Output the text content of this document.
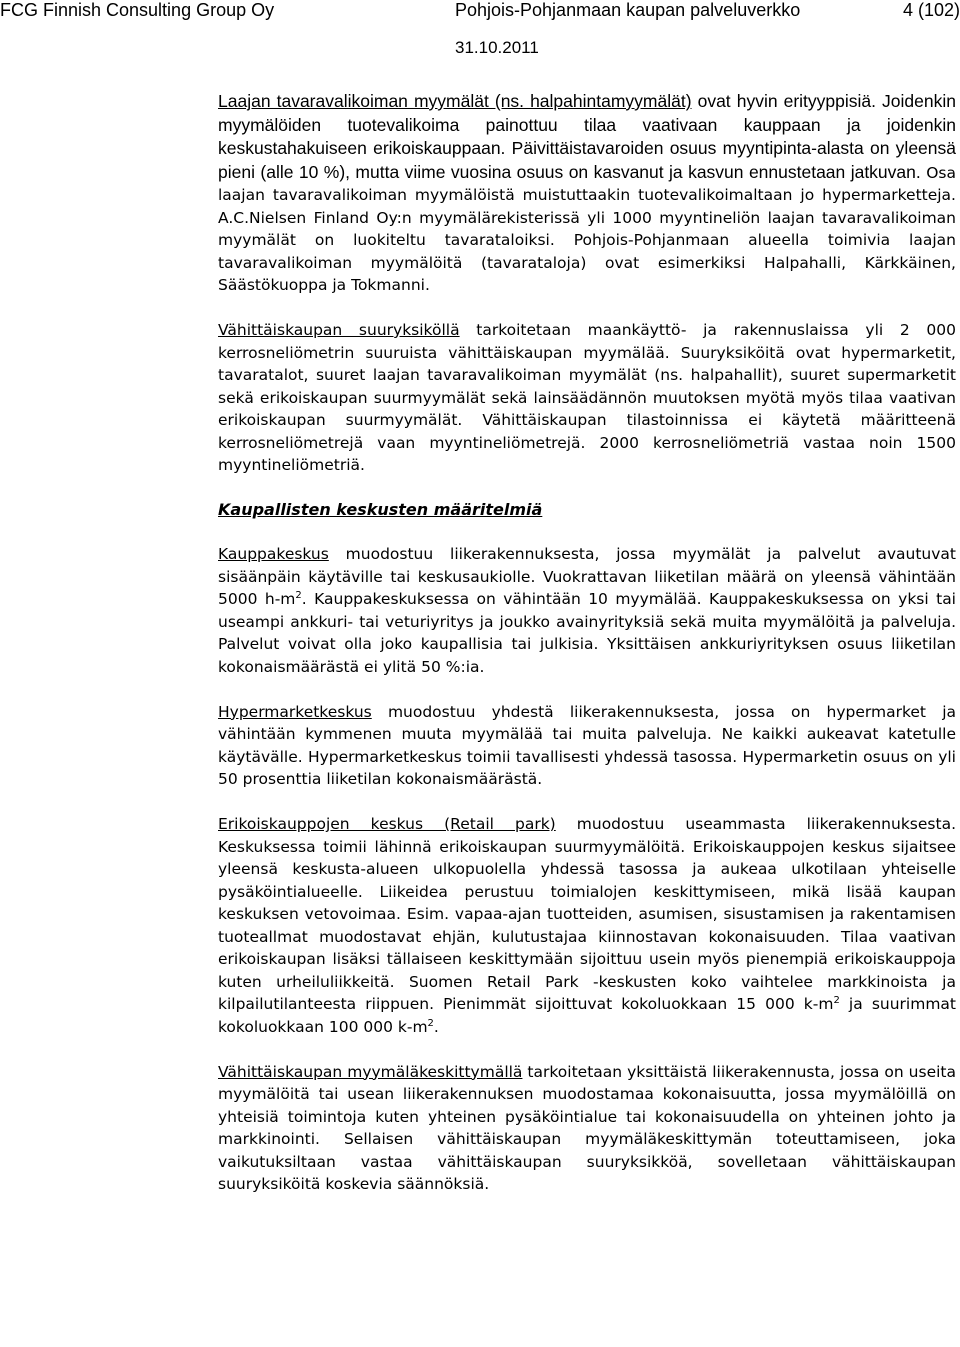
FCG Finnish Consulting Group Oy	Pohjois-Pohjanmaan kaupan palveluverkko	4 (102)
31.10.2011

Laajan tavaravalikoiman myymälät (ns. halpahintamyymälät) ovat hyvin erityyppisiä. Joidenkin myymälöiden tuotevalikoima painottuu tilaa vaativaan kauppaan ja joidenkin keskustahakuiseen erikoiskauppaan. Päivittäistavaroiden osuus myyntipinta-alasta on yleensä pieni (alle 10 %), mutta viime vuosina osuus on kasvanut ja kasvun ennustetaan jatkuvan. Osa laajan tavaravalikoiman myymälöistä muistuttaakin tuotevalikoimaltaan jo hypermarketteja. A.C.Nielsen Finland Oy:n myymälärekisterissä yli 1000 myyntineliön laajan tavaravalikoiman myymälät on luokiteltu tavarataloiksi. Pohjois-Pohjanmaan alueella toimivia laajan tavaravalikoiman myymälöitä (tavarataloja) ovat esimerkiksi Halpahalli, Kärkkäinen, Säästökuoppa ja Tokmanni.

Vähittäiskaupan suuryksiköllä tarkoitetaan maankäyttö- ja rakennuslaissa yli 2 000 kerrosneliömetrin suuruista vähittäiskaupan myymälää. Suuryksiköitä ovat hypermarketit, tavaratalot, suuret laajan tavaravalikoiman myymälät (ns. halpahallit), suuret supermarketit sekä erikoiskaupan suurmyymälät sekä lainsäädännön muutoksen myötä myös tilaa vaativan erikoiskaupan suurmyymälät. Vähittäiskaupan tilastoinnissa ei käytetä määritteenä kerrosneliömetrejä vaan myyntineliömetrejä. 2000 kerrosneliömetriä vastaa noin 1500 myyntineliömetriä.

Kaupallisten keskusten määritelmiä

Kauppakeskus muodostuu liikerakennuksesta, jossa myymälät ja palvelut avautuvat sisäänpäin käytäville tai keskusaukiolle. Vuokrattavan liiketilan määrä on yleensä vähintään 5000 $h-m^2$. Kauppakeskuksessa on vähintään 10 myymälää. Kauppakeskuksessa on yksi tai useampi ankkuri- tai veturiyritys ja joukko avainyrityksiä sekä muita myymälöitä ja palveluja. Palvelut voivat olla joko kaupallisia tai julkisia. Yksittäisen ankkuriyrityksen osuus liiketilan kokonaismäärästä ei ylitä 50 %:ia.

Hypermarketkeskus muodostuu yhdestä liikerakennuksesta, jossa on hypermarket ja vähintään kymmenen muuta myymälää tai muita palveluja. Ne kaikki aukeavat katetulle käytävälle. Hypermarketkeskus toimii tavallisesti yhdessä tasossa. Hypermarketin osuus on yli 50 prosenttia liiketilan kokonaismäärästä.

Erikoiskauppojen keskus (Retail park) muodostuu useammasta liikerakennuksesta. Keskuksessa toimii lähinnä erikoiskaupan suurmyymälöitä. Erikoiskauppojen keskus sijaitsee yleensä keskusta-alueen ulkopuolella yhdessä tasossa ja aukeaa ulkotilaan yhteiselle pysäköintialueelle. Liikeidea perustuu toimialojen keskittymiseen, mikä lisää kaupan keskuksen vetovoimaa. Esim. vapaa-ajan tuotteiden, asumisen, sisustamisen ja rakentamisen tuoteallmat muodostavat ehjän, kulutustajaa kiinnostavan kokonaisuuden. Tilaa vaativan erikoiskaupan lisäksi tällaiseen keskittymään sijoittuu usein myös pienempiä erikoiskauppoja kuten urheiluliikkeitä. Suomen Retail Park -keskusten koko vaihtelee markkinoista ja kilpailutilanteesta riippuen. Pienimmät sijoittuvat kokoluokkaan 15 000 $k-m^2$ ja suurimmat kokoluokkaan 100 000 $k-m^2$.

Vähittäiskaupan myymäläkeskittymällä tarkoitetaan yksittäistä liikerakennusta, jossa on useita myymälöitä tai usean liikerakennuksen muodostamaa kokonaisuutta, jossa myymälöillä on yhteisiä toimintoja kuten yhteinen pysäköintialue tai kokonaisuudella on yhteinen johto ja markkinointi. Sellaisen vähittäiskaupan myymäläkeskittymän toteuttamiseen, joka vaikutuksiltaan vastaa vähittäiskaupan suuryksikköä, sovelletaan vähittäiskaupan suuryksiköitä koskevia säännöksiä.
